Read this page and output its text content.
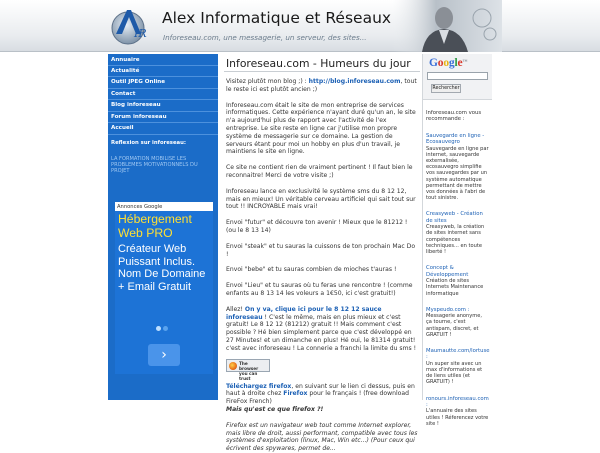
IR
Alex Informatique et Réseaux
Inforeseau.com, une messagerie, un serveur, des sites...
Annuaire
Actualité
Outil JPEG Online
Contact
Blog inforeseau
Forum inforeseau
Accueil
Reflexion sur inforeseau:
LA FORMATION MOBILISE LES PROBLEMES MOTIVATIONNELS DU PROJET
Annonces Google
Hébergement Web PRO
Créateur Web Puissant Inclus. Nom De Domaine + Email Gratuit
›
Inforeseau.com - Humeurs du jour

Visitez plutôt mon blog ;) : http://blog.inforeseau.com, tout le reste ici est plutôt ancien ;)

Inforeseau.com était le site de mon entreprise de services informatiques. Cette expérience n'ayant duré qu'un an, le site n'a aujourd'hui plus de rapport avec l'activité de l'ex entreprise. Le site reste en ligne car j'utilise mon propre système de messagerie sur ce domaine. La gestion de serveurs étant pour moi un hobby en plus d'un travail, je maintiens le site en ligne.

Ce site ne contient rien de vraiment pertinent ! Il faut bien le reconnaitre! Merci de votre visite ;)

Inforeseau lance en exclusivité le système sms du 8 12 12, mais en mieux! Un véritable cerveau artificiel qui sait tout sur tout !! INCROYABLE mais vrai!

Envoi "futur" et découvre ton avenir ! Mieux que le 81212 ! (ou le 8 13 14)

Envoi "steak" et tu sauras la cuissons de ton prochain Mac Do !

Envoi "bebe" et tu sauras combien de mioches t'auras !

Envoi "Lieu" et tu sauras où tu feras une rencontre ! (comme enfants au 8 13 14 les voleurs a 1€50, ici c'est gratuit!)

Allez! On y va, clique ici pour le 8 12 12 sauce inforeseau ! C'est le même, mais en plus mieux et c'est gratuit! Le 8 12 12 (81212) gratuit !! Mais comment c'est possible ? Hé bien simplement parce que c'est développé en 27 Minutes! et un dimanche en plus! Hé oui, le 81314 gratuit! c'est avec inforeseau ! La connerie a franchi la limite du sms !

The browser you can trust

Téléchargez firefox, en suivant sur le lien ci dessus, puis en haut à droite chez Firefox pour le français ! (free download FireFox French)

Mais qu'est ce que firefox ?!

Firefox est un navigateur web tout comme Internet explorer, mais libre de droit, aussi performant, compatible avec tous les systèmes d'exploitation (linux, Mac, Win etc...) (Pour ceux qui écrivent des spywares, permet de...

Google™
Rechercher
Inforeseau.com vous recommande :
Sauvegarde en ligne - Ecosauvegro
Sauvegarde en ligne par internet, sauvegarde externalisée, ecosauvegro simplifie vos sauvegardes par un système automatique permettant de mettre vos données à l'abri de tout sinistre.
Creasyweb - Création de sites
Creasyweb, la création de sites internet sans compétences techniques... en toute liberté !
Concept & Développement
Création de sites Internets Maintenance informatique
Myspeudo.com :
Messagerie anonyme, ça tourne, c'est antispam, discret, et GRATUIT !
Maumautte.com/lortuse :
Un super site avec un max d'informations et de liens utiles (et GRATUIT) !
ronours.inforeseau.com :
L'annuaire des sites utiles ! Réferencez votre site !
